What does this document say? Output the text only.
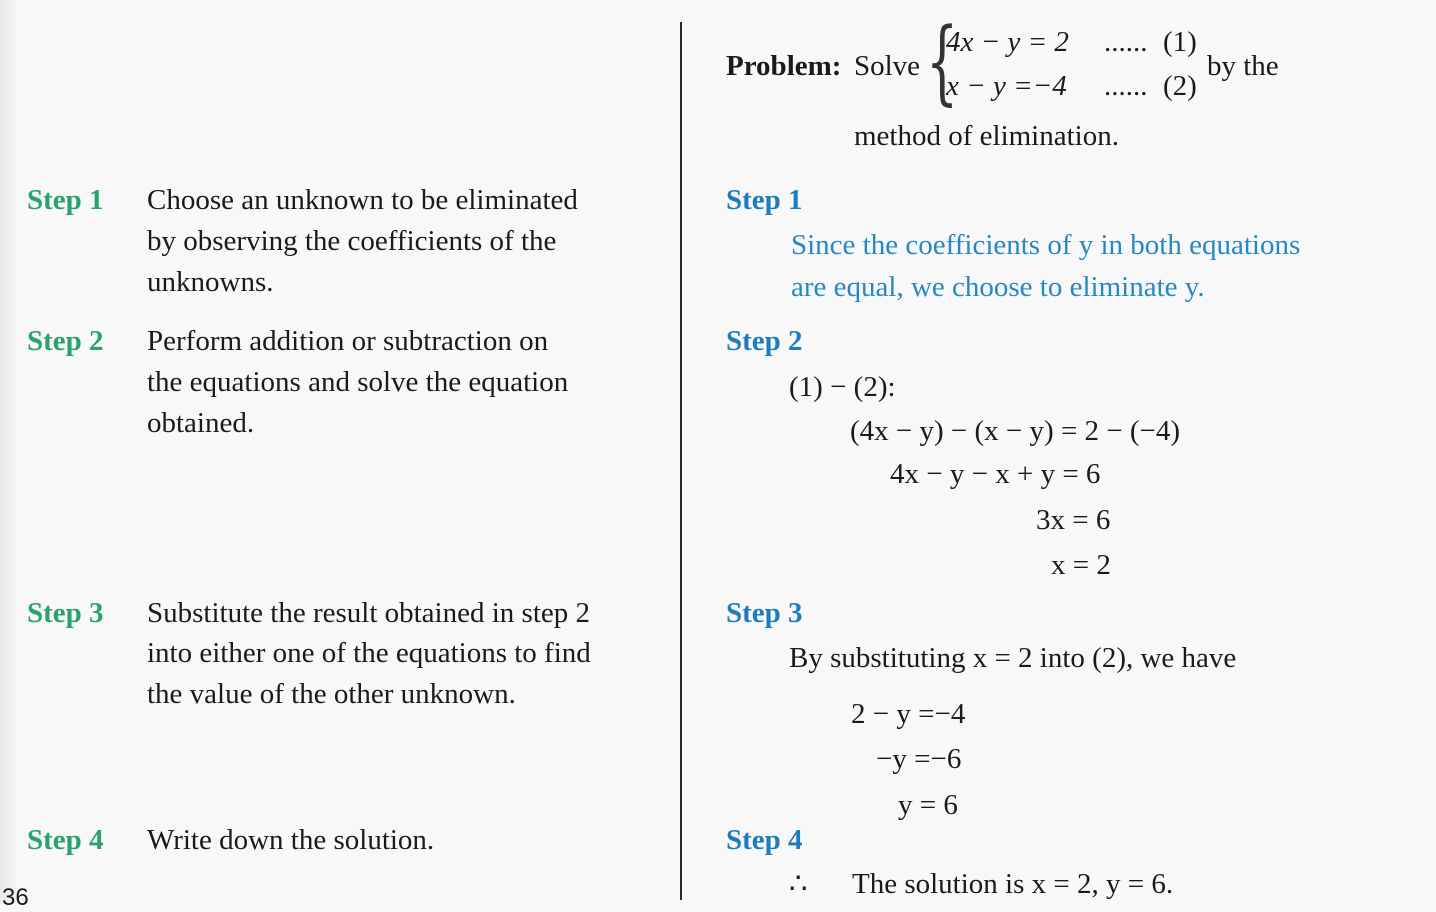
Problem: Solve {
4x − y = 2 ...... (1)
x − y =−4 ...... (2)
by the
method of elimination.
Step 1 Choose an unknown to be eliminated
by observing the coefficients of the
unknowns.
Step 2 Perform addition or subtraction on
the equations and solve the equation
obtained.
Step 3 Substitute the result obtained in step 2
into either one of the equations to find
the value of the other unknown.
Step 4 Write down the solution.
Step 1
Since the coefficients of y in both equations
are equal, we choose to eliminate y.
Step 2
(1) − (2):
(4x − y) − (x − y) = 2 − (−4)
4x − y − x + y = 6
3x = 6
x = 2
Step 3
By substituting x = 2 into (2), we have
2 − y =−4
−y =−6
y = 6
Step 4
∴ The solution is x = 2, y = 6.
36
